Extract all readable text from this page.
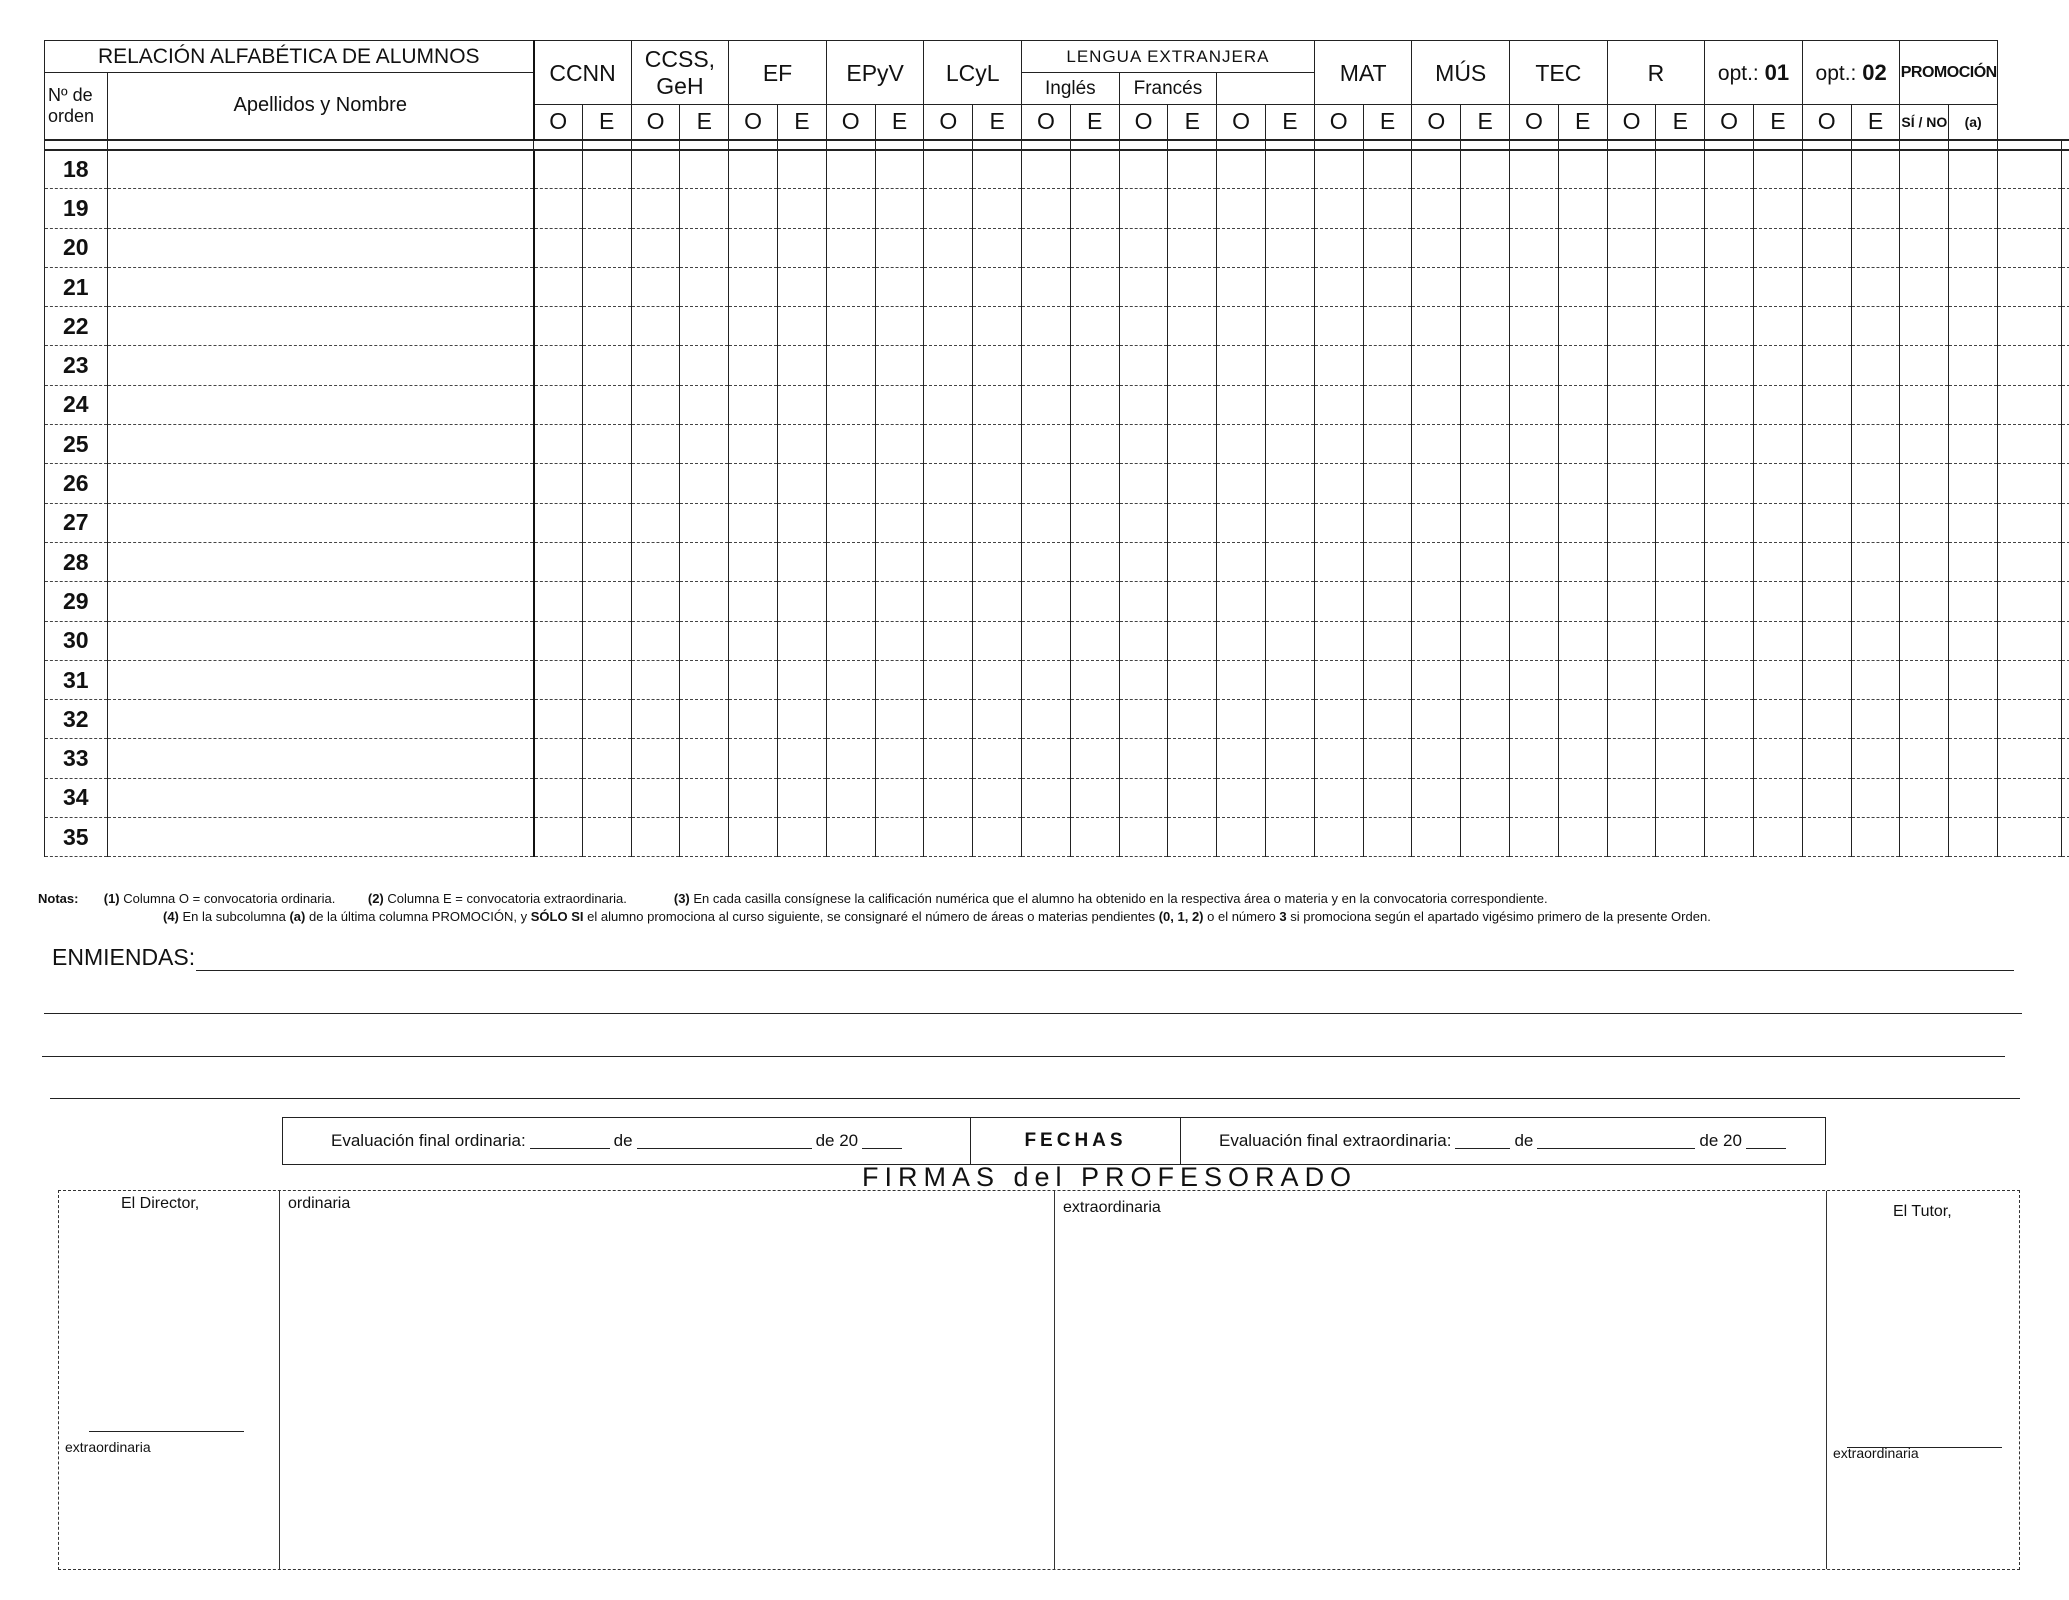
RELACIÓN ALFABÉTICA DE ALUMNOS		CCNN		CCSS, GeH		EF		EPyV		LCyL		LENGUA EXTRANJERA						MAT		MÚS		TEC		R		opt.: 01		opt.: 02		PROMOCIÓN			
Nº de orden	Apellidos y Nombre											Inglés		Francés																			
		O	E	O	E	O	E	O	E	O	E	O	E	O	E	O	E	O	E	O	E	O	E	O	E	O	E	O	E	SÍ / NO	(a)		

18																																	
19																																	
20																																	
21																																	
22																																	
23																																	
24																																	
25																																	
26																																	
27																																	
28																																	
29																																	
30																																	
31																																	
32																																	
33																																	
34																																	
35																																	
Notas: (1) Columna O = convocatoria ordinaria.	(2) Columna E = convocatoria extraordinaria.	(3) En cada casilla consígnese la calificación numérica que el alumno ha obtenido en la respectiva área o materia y en la convocatoria correspondiente.
(4) En la subcolumna (a) de la última columna PROMOCIÓN, y SÓLO SI el alumno promociona al curso siguiente, se consignaré el número de áreas o materias pendientes (0, 1, 2) o el número 3 si promociona según el apartado vigésimo primero de la presente Orden.
ENMIENDAS:
Evaluación final ordinaria:	de	de 20	FECHAS	Evaluación final extraordinaria:	de	de 20
FIRMAS del PROFESORADO
El Director,
extraordinaria
ordinaria	extraordinaria	El Tutor,
extraordinaria
